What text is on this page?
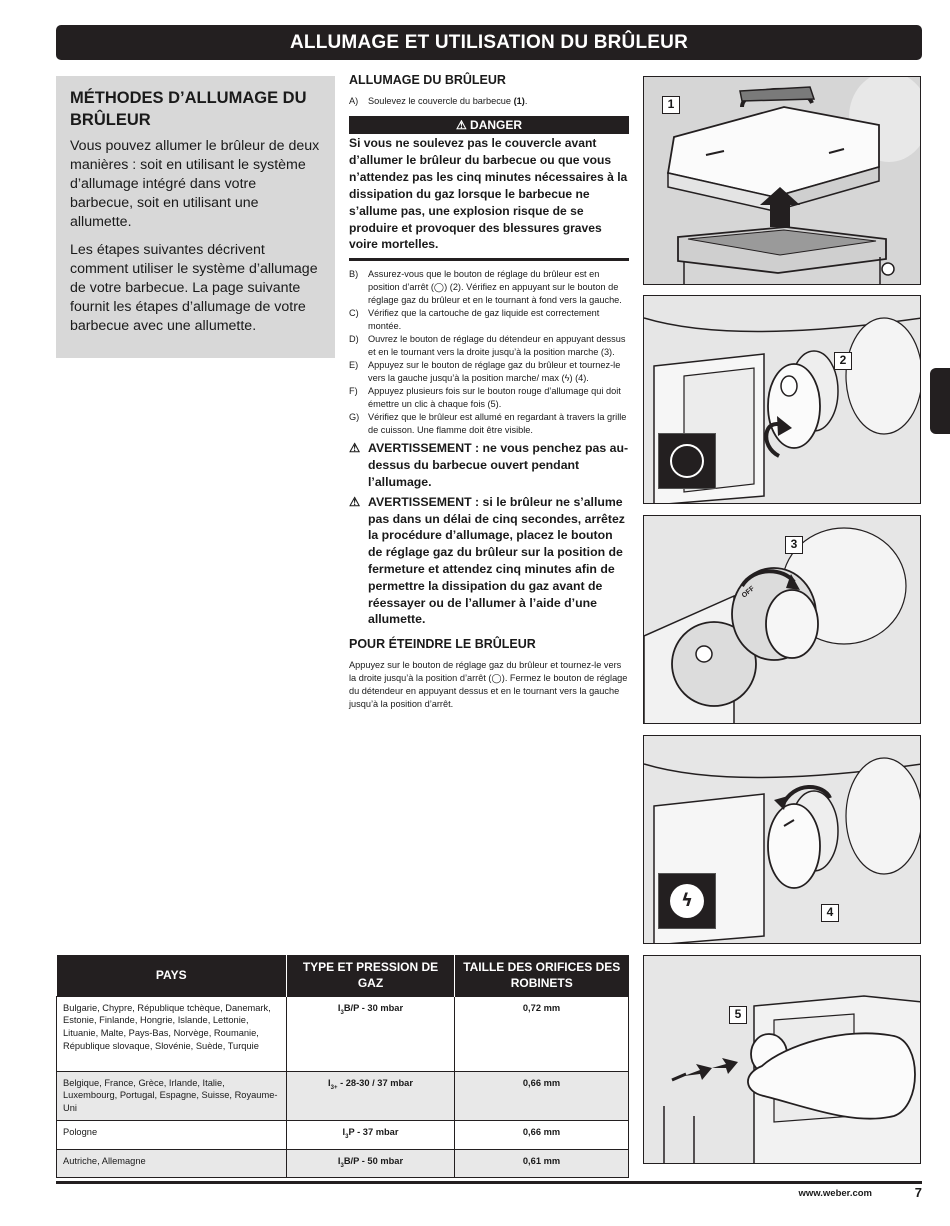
ALLUMAGE ET UTILISATION DU BRÛLEUR
MÉTHODES D’ALLUMAGE DU BRÛLEUR

Vous pouvez allumer le brûleur de deux manières : soit en utilisant le système d’allumage intégré dans votre barbecue, soit en utilisant une allumette.

Les étapes suivantes décrivent comment utiliser le système d’allumage de votre barbecue. La page suivante fournit les étapes d’allumage de votre barbecue avec une allumette.

ALLUMAGE DU BRÛLEUR
A)	Soulevez le couvercle du barbecue (1).
⚠ DANGER
Si vous ne soulevez pas le couvercle avant d’allumer le brûleur du barbecue ou que vous n’attendez pas les cinq minutes nécessaires à la dissipation du gaz lorsque le barbecue ne s’allume pas, une explosion risque de se produire et provoquer des blessures graves voire mortelles.
B)	Assurez-vous que le bouton de réglage du brûleur est en position d’arrêt (◯) (2). Vérifiez en appuyant sur le bouton de réglage gaz du brûleur et en le tournant à fond vers la gauche.
C)	Vérifiez que la cartouche de gaz liquide est correctement montée.
D)	Ouvrez le bouton de réglage du détendeur en appuyant dessus et en le tournant vers la droite jusqu’à la position marche (3).
E)	Appuyez sur le bouton de réglage gaz du brûleur et tournez-le vers la gauche jusqu’à la position marche/ max (ϟ) (4).
F)	Appuyez plusieurs fois sur le bouton rouge d’allumage qui doit émettre un clic à chaque fois (5).
G) Vérifiez que le brûleur est allumé en regardant à travers la grille de cuisson. Une flamme doit être visible.
⚠ AVERTISSEMENT : ne vous penchez pas au-dessus du barbecue ouvert pendant l’allumage.
⚠ AVERTISSEMENT : si le brûleur ne s’allume pas dans un délai de cinq secondes, arrêtez la procédure d’allumage, placez le bouton de réglage gaz du brûleur sur la position de fermeture et attendez cinq minutes afin de permettre la dissipation du gaz avant de réessayer ou de l’allumer à l’aide d’une allumette.
POUR ÉTEINDRE LE BRÛLEUR
Appuyez sur le bouton de réglage gaz du brûleur et tournez-le vers la droite jusqu’à la position d’arrêt (◯). Fermez le bouton de réglage du détendeur en appuyant dessus et en le tournant vers la gauche jusqu’à la position d’arrêt.
1
2
OFF
3
ϟ
4
5
PAYS	TYPE ET PRESSION DE GAZ	TAILLE DES ORIFICES DES ROBINETS
Bulgarie, Chypre, République tchèque, Danemark, Estonie, Finlande, Hongrie, Islande, Lettonie, Lituanie, Malte, Pays-Bas, Norvège, Roumanie, République slovaque, Slovénie, Suède, Turquie	$I_3B/P - 30$ mbar	0,72 mm
Belgique, France, Grèce, Irlande, Italie, Luxembourg, Portugal, Espagne, Suisse, Royaume-Uni	$I_{3+} - 28-30 / 37$ mbar	0,66 mm
Pologne	$I_3P - 37$ mbar	0,66 mm
Autriche, Allemagne	$I_3B/P - 50$ mbar	0,61 mm
www.weber.com	7
